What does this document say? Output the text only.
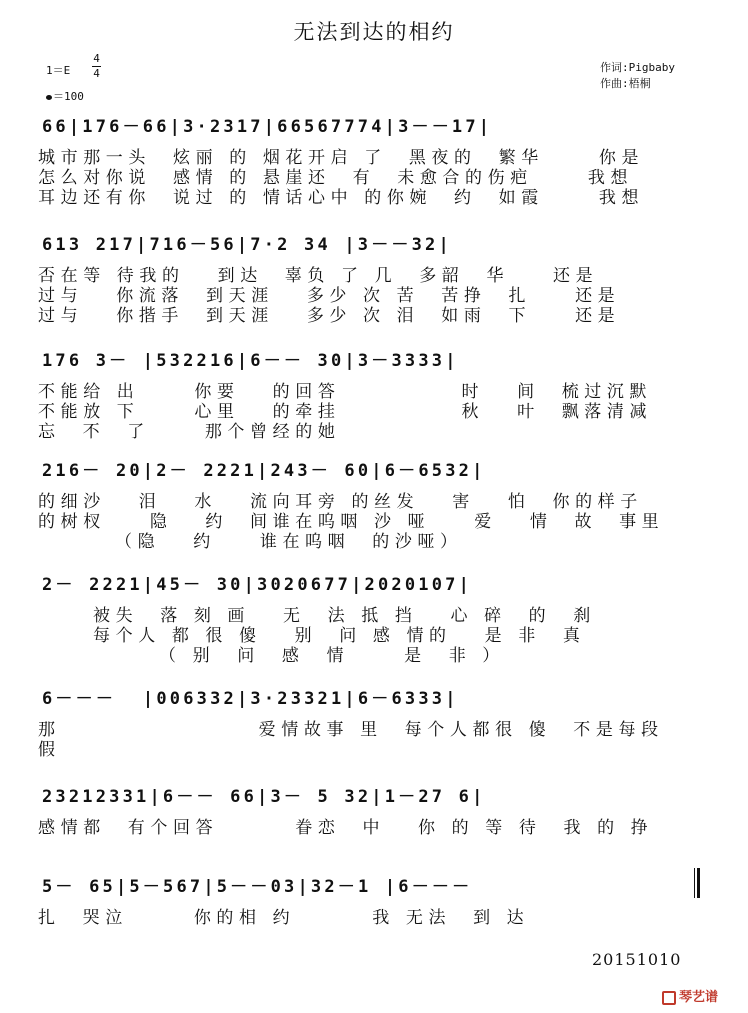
无法到达的相约
1＝E
4
4
＝100
作词:Pigbaby
作曲:梧桐
66|176－66|3·2317|66567774|3－－17|
城市那一头  炫丽 的 烟花开启 了  黑夜的  繁华     你是
怎么对你说  感情 的 悬崖还  有  未愈合的伤疤     我想
耳边还有你  说过 的 情话心中 的你婉  约  如霞     我想
613 217|716－56|7·2 34 |3－－32|
否在等 待我的   到达  辜负 了 几  多韶  华    还是
过与   你流落  到天涯   多少 次 苦  苦挣  扎    还是
过与   你揩手  到天涯   多少 次 泪  如雨  下    还是
176 3－ |532216|6－－ 30|3－3333|
不能给 出     你要   的回答           时   间  梳过沉默
不能放 下     心里   的牵挂           秋   叶  飘落清减
忘  不  了     那个曾经的她
216－ 20|2－ 2221|243－ 60|6－6532|
的细沙   泪   水   流向耳旁 的丝发   害   怕  你的样子
的树杈    隐   约  间谁在呜咽 沙 哑    爱   情  故  事里
（隐   约    谁在呜咽  的沙哑）
2－ 2221|45－ 30|3020677|2020107|
被失  落 刻 画   无  法 抵 挡   心 碎  的  刹
每个人 都 很 傻   别  问 感 情的   是 非  真
（ 别  问  感  情     是  非 ）
6－－－  |006332|3·23321|6－6333|
那                  爱情故事 里  每个人都很 傻  不是每段
假
23212331|6－－ 66|3－ 5 32|1－27 6|
感情都  有个回答       眷恋  中   你 的 等 待  我 的 挣
5－ 65|5－567|5－－03|32－1 |6－－－
扎  哭泣      你的相 约       我 无法  到 达
20151010
琴艺谱
